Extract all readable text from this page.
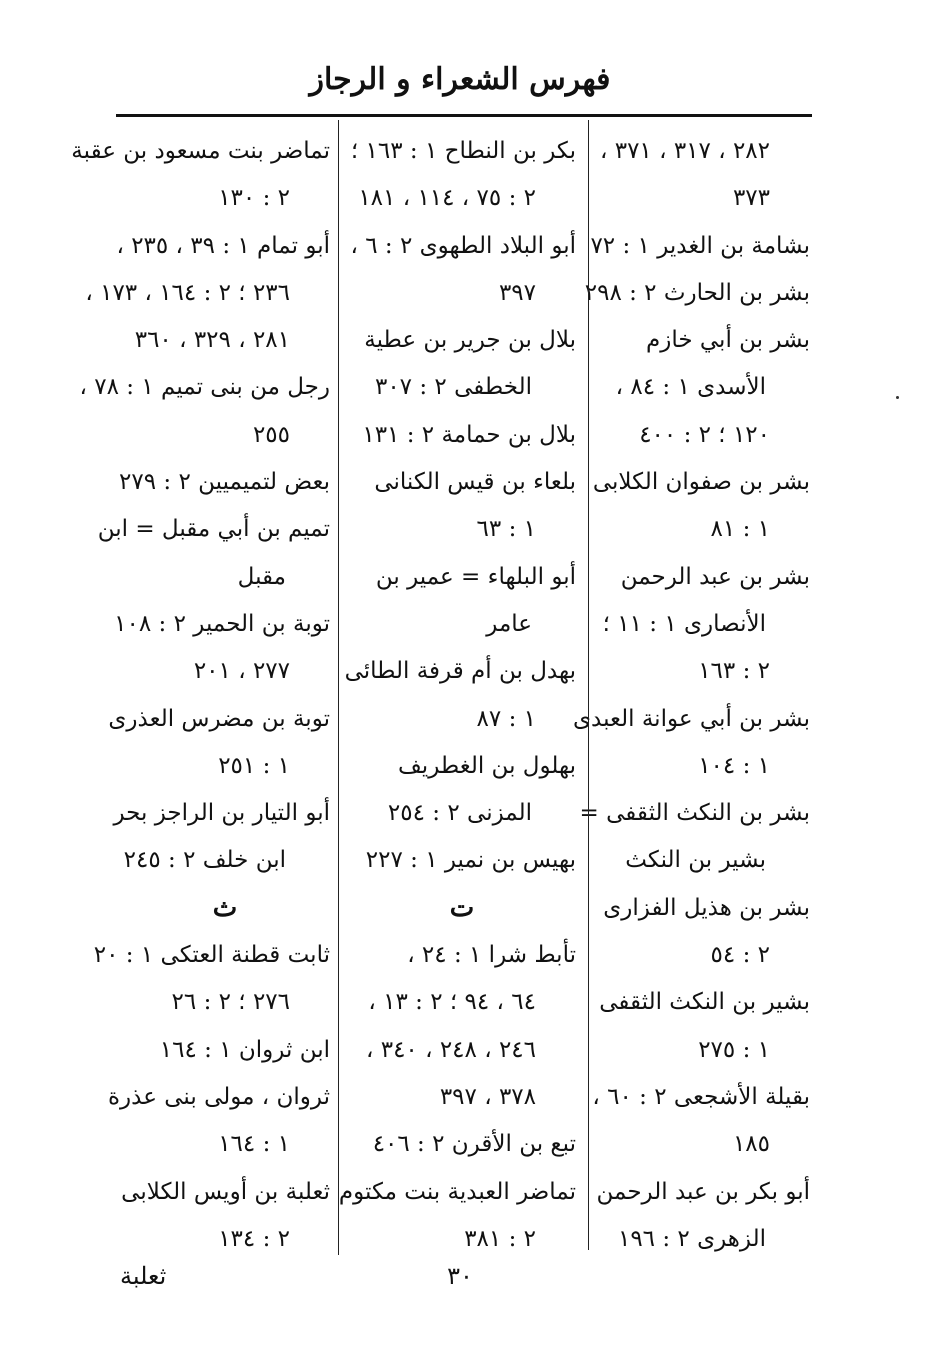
فهرس الشعراء و الرجاز
٢٨٢ ، ٣١٧ ، ٣٧١ ،
٣٧٣
بشامة بن الغدير ١ : ٧٢
بشر بن الحارث ٢ : ٢٩٨
بشر بن أبي خازم
الأسدى ١ : ٨٤ ،
١٢٠ ؛ ٢ : ٤٠٠
بشر بن صفوان الكلابى
١ : ٨١
بشر بن عبد الرحمن
الأنصارى ١ : ١١ ؛
٢ : ١٦٣
بشر بن أبي عوانة العبدى
١ : ١٠٤
بشر بن النكث الثقفى =
بشير بن النكث
بشر بن هذيل الفزارى
٢ : ٥٤
بشير بن النكث الثقفى
١ : ٢٧٥
بقيلة الأشجعى ٢ : ٦٠ ،
١٨٥
أبو بكر بن عبد الرحمن
الزهرى ٢ : ١٩٦
بكر بن النطاح ١ : ١٦٣ ؛
٢ : ٧٥ ، ١١٤ ، ١٨١
أبو البلاد الطهوى ٢ : ٦ ،
٣٩٧
بلال بن جرير بن عطية
الخطفى ٢ : ٣٠٧
بلال بن حمامة ٢ : ١٣١
بلعاء بن قيس الكنانى
١ : ٦٣
أبو البلهاء = عمير بن
عامر
بهدل بن أم قرفة الطائى
١ : ٨٧
بهلول بن الغطريف
المزنى ٢ : ٢٥٤
بهيس بن نمير ١ : ٢٢٧
ت
تأبط شرا ١ : ٢٤ ،
٦٤ ، ٩٤ ؛ ٢ : ١٣ ،
٢٤٦ ، ٢٤٨ ، ٣٤٠ ،
٣٧٨ ، ٣٩٧
تبع بن الأقرن ٢ : ٤٠٦
تماضر العبدية بنت مكتوم
٢ : ٣٨١
تماضر بنت مسعود بن عقبة
٢ : ١٣٠
أبو تمام ١ : ٣٩ ، ٢٣٥ ،
٢٣٦ ؛ ٢ : ١٦٤ ، ١٧٣ ،
٢٨١ ، ٣٢٩ ، ٣٦٠
رجل من بنى تميم ١ : ٧٨ ،
٢٥٥
بعض لتميميين ٢ : ٢٧٩
تميم بن أبي مقبل = ابن
مقبل
توبة بن الحمير ٢ : ١٠٨
٢٧٧ ، ٢٠١
توبة بن مضرس العذرى
١ : ٢٥١
أبو التيار بن الراجز بحر
ابن خلف ٢ : ٢٤٥
ث
ثابت قطنة العتكى ١ : ٢٠
٢٧٦ ؛ ٢ : ٢٦
ابن ثروان ١ : ١٦٤
ثروان ، مولى بنى عذرة
١ : ١٦٤
ثعلبة بن أويس الكلابى
٢ : ١٣٤
٣٠
ثعلبة
